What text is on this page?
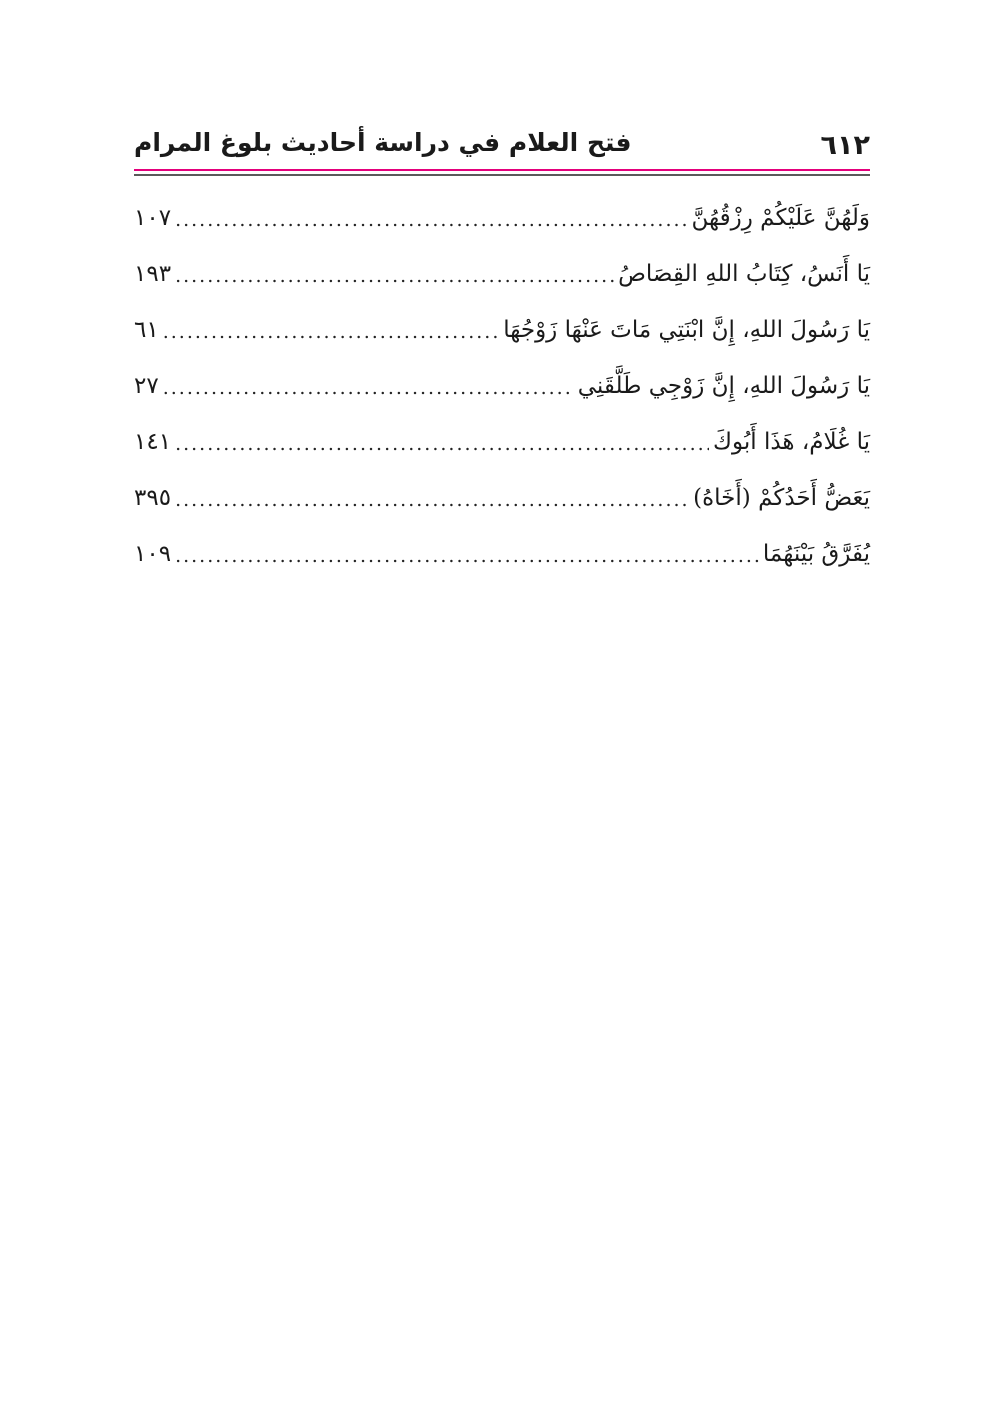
٦١٢
فتح العلام في دراسة أحاديث بلوغ المرام
وَلَهُنَّ عَلَيْكُمْ رِزْقُهُنَّ
.....
١٠٧
يَا أَنَسُ، كِتَابُ اللهِ القِصَاصُ
.....
١٩٣
يَا رَسُولَ اللهِ، إِنَّ ابْنَتِي مَاتَ عَنْهَا زَوْجُهَا
.....
٦١
يَا رَسُولَ اللهِ، إِنَّ زَوْجِي طَلَّقَنِي
.....
٢٧
يَا غُلَامُ، هَذَا أَبُوكَ
.....
١٤١
يَعَضُّ أَحَدُكُمْ (أَخَاهُ)
.....
٣٩٥
يُفَرَّقُ بَيْنَهُمَا
.....
١٠٩
